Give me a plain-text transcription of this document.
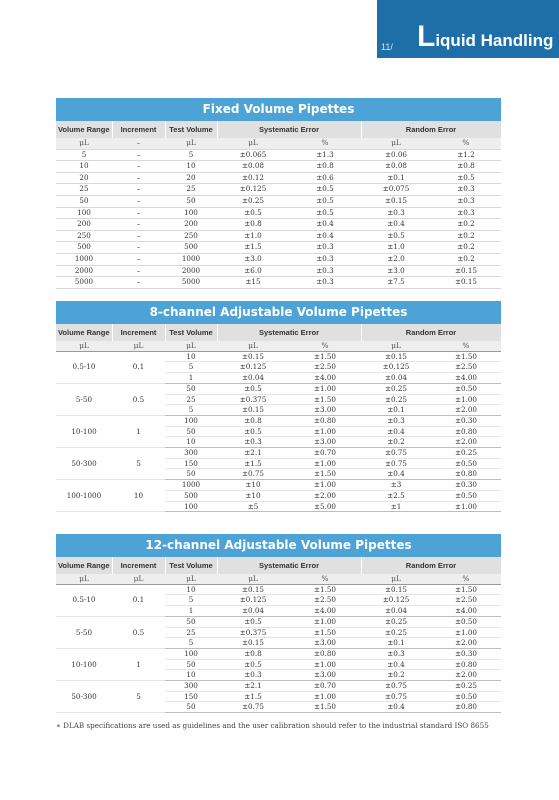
11/ Liquid Handling
Fixed Volume Pipettes
Volume Range	Increment	Test Volume	Systematic Error		Random Error	
μL	–	μL	μL	%	μL	%
5	–	5	±0.065	±1.3	±0.06	±1.2
10	–	10	±0.08	±0.8	±0.08	±0.8
20	–	20	±0.12	±0.6	±0.1	±0.5
25	–	25	±0.125	±0.5	±0.075	±0.3
50	–	50	±0.25	±0.5	±0.15	±0.3
100	–	100	±0.5	±0.5	±0.3	±0.3
200	–	200	±0.8	±0.4	±0.4	±0.2
250	–	250	±1.0	±0.4	±0.5	±0.2
500	–	500	±1.5	±0.3	±1.0	±0.2
1000	–	1000	±3.0	±0.3	±2.0	±0.2
2000	–	2000	±6.0	±0.3	±3.0	±0.15
5000	–	5000	±15	±0.3	±7.5	±0.15
8-channel Adjustable Volume Pipettes
Volume Range	Increment	Test Volume	Systematic Error		Random Error	
μL	μL	μL	μL	%	μL	%
0.5-10	0.1	10	±0.15	±1.50	±0.15	±1.50
		5	±0.125	±2.50	±0.125	±2.50
		1	±0.04	±4.00	±0.04	±4.00
5-50	0.5	50	±0.5	±1.00	±0.25	±0.50
		25	±0.375	±1.50	±0.25	±1.00
		5	±0.15	±3.00	±0.1	±2.00
10-100	1	100	±0.8	±0.80	±0.3	±0.30
		50	±0.5	±1.00	±0.4	±0.80
		10	±0.3	±3.00	±0.2	±2.00
50-300	5	300	±2.1	±0.70	±0.75	±0.25
		150	±1.5	±1.00	±0.75	±0.50
		50	±0.75	±1.50	±0.4	±0.80
100-1000	10	1000	±10	±1.00	±3	±0.30
		500	±10	±2.00	±2.5	±0.50
		100	±5	±5.00	±1	±1.00
12-channel Adjustable Volume Pipettes
Volume Range	Increment	Test Volume	Systematic Error		Random Error	
μL	μL	μL	μL	%	μL	%
0.5-10	0.1	10	±0.15	±1.50	±0.15	±1.50
		5	±0.125	±2.50	±0.125	±2.50
		1	±0.04	±4.00	±0.04	±4.00
5-50	0.5	50	±0.5	±1.00	±0.25	±0.50
		25	±0.375	±1.50	±0.25	±1.00
		5	±0.15	±3.00	±0.1	±2.00
10-100	1	100	±0.8	±0.80	±0.3	±0.30
		50	±0.5	±1.00	±0.4	±0.80
		10	±0.3	±3.00	±0.2	±2.00
50-300	5	300	±2.1	±0.70	±0.75	±0.25
		150	±1.5	±1.00	±0.75	±0.50
		50	±0.75	±1.50	±0.4	±0.80
∗ DLAB specifications are used as guidelines and the user calibration should refer to the industrial standard ISO 8655
